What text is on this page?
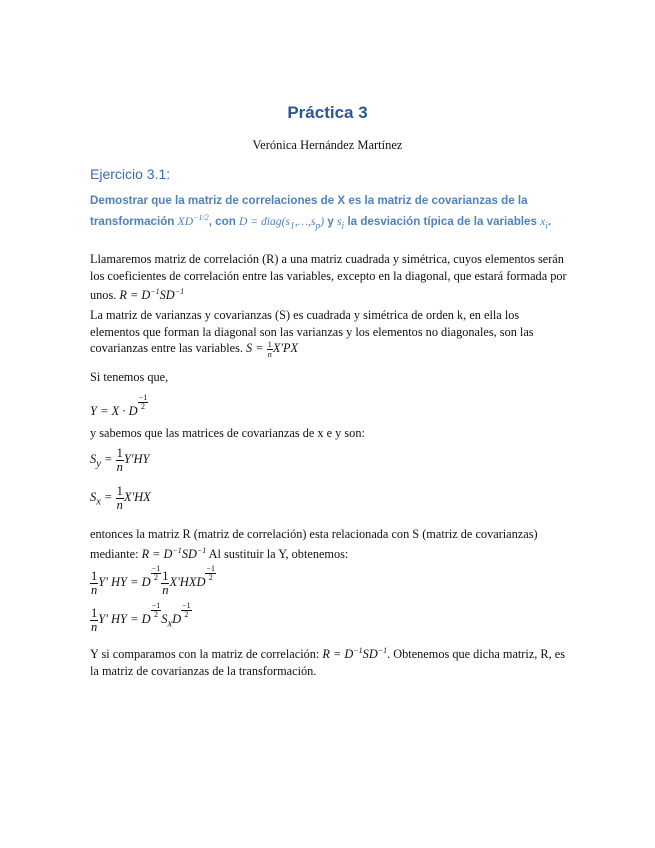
Práctica 3
Verónica Hernández Martínez
Ejercicio 3.1:
Demostrar que la matriz de correlaciones de X es la matriz de covarianzas de la transformación $XD^{-1/2}$, con $D = diag(s_1,\dots,s_p)$ y $s_i$ la desviación típica de la variables $x_i$.
Llamaremos matriz de correlación (R) a una matriz cuadrada y simétrica, cuyos elementos serán los coeficientes de correlación entre las variables, excepto en la diagonal, que estará formada por unos. $R = D^{-1}SD^{-1}$
La matriz de varianzas y covarianzas (S) es cuadrada y simétrica de orden k, en ella los elementos que forman la diagonal son las varianzas y los elementos no diagonales, son las covarianzas entre las variables. $S = \frac{1}{n} X'PX$
Si tenemos que,
Y = X · D $\frac{-1}{2}$
y sabemos que las matrices de covarianzas de x e y son:
$S_y = \frac{1}{n} Y'HY$
$S_x = \frac{1}{n} X'HX$
entonces la matriz R (matriz de correlación) esta relacionada con S (matriz de covarianzas) mediante: $R = D^{-1}SD^{-1}$ Al sustituir la Y, obtenemos:
$\frac{1}{n} Y'$ HY = D $\frac{-1}{2} \frac{1}{n} X'HXD \frac{-1}{2}$
$\frac{1}{n} Y'$ HY = D $\frac{-1}{2} S_xD \frac{-1}{2}$
Y si comparamos con la matriz de correlación: $R = D^{-1}SD^{-1}$. Obtenemos que dicha matriz, R, es la matriz de covarianzas de la transformación.
